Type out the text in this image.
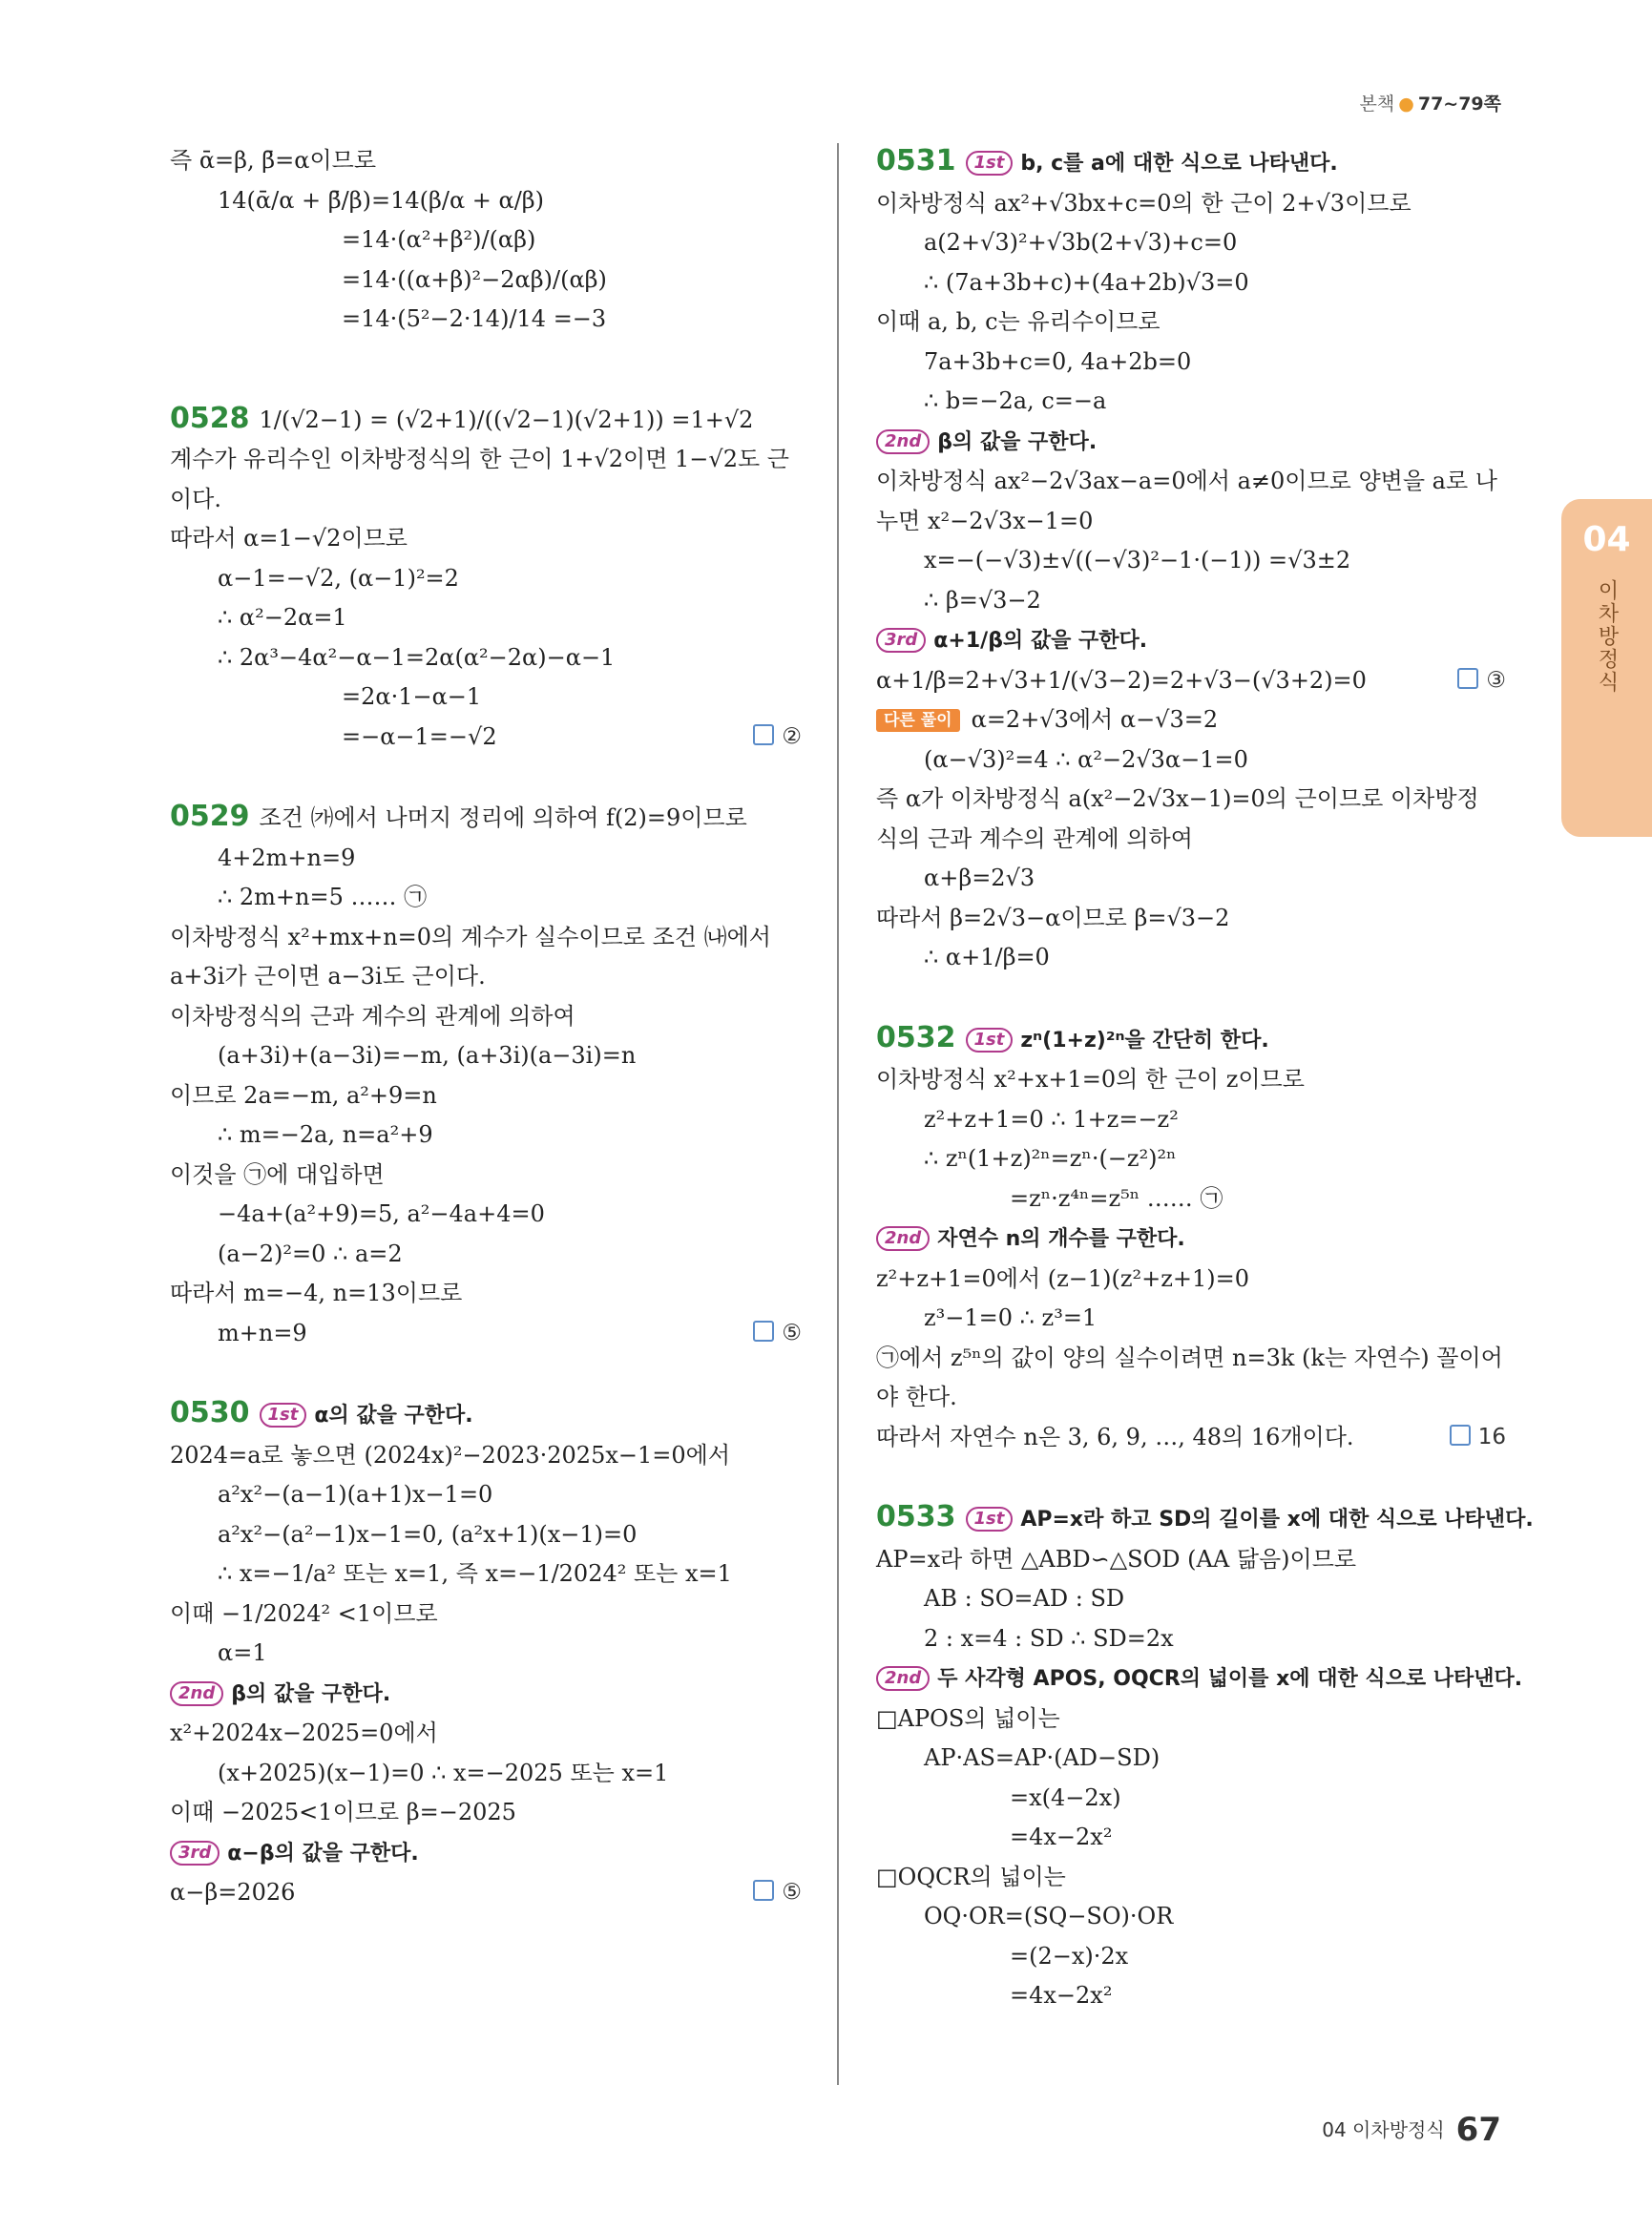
본책 ● 77~79쪽
04
이차방정식
즉 ᾱ=β, β̄=α이므로
14(ᾱ/α + β̄/β)=14(β/α + α/β)
=14·(α²+β²)/(αβ)
=14·((α+β)²−2αβ)/(αβ)
=14·(5²−2·14)/14 =−3
0528 1/(√2−1) = (√2+1)/((√2−1)(√2+1)) =1+√2
계수가 유리수인 이차방정식의 한 근이 1+√2이면 1−√2도 근
이다.
따라서 α=1−√2이므로
α−1=−√2, (α−1)²=2
∴ α²−2α=1
∴ 2α³−4α²−α−1=2α(α²−2α)−α−1
=2α·1−α−1
=−α−1=−√2	②
0529 조건 ㈎에서 나머지 정리에 의하여 f(2)=9이므로
4+2m+n=9
∴ 2m+n=5 …… ㉠
이차방정식 x²+mx+n=0의 계수가 실수이므로 조건 ㈏에서
a+3i가 근이면 a−3i도 근이다.
이차방정식의 근과 계수의 관계에 의하여
(a+3i)+(a−3i)=−m, (a+3i)(a−3i)=n
이므로 2a=−m, a²+9=n
∴ m=−2a, n=a²+9
이것을 ㉠에 대입하면
−4a+(a²+9)=5, a²−4a+4=0
(a−2)²=0 ∴ a=2
따라서 m=−4, n=13이므로
m+n=9	⑤
0530 1st α의 값을 구한다.
2024=a로 놓으면 (2024x)²−2023·2025x−1=0에서
a²x²−(a−1)(a+1)x−1=0
a²x²−(a²−1)x−1=0, (a²x+1)(x−1)=0
∴ x=−1/a² 또는 x=1, 즉 x=−1/2024² 또는 x=1
이때 −1/2024² <1이므로
α=1
2nd β의 값을 구한다.
x²+2024x−2025=0에서
(x+2025)(x−1)=0 ∴ x=−2025 또는 x=1
이때 −2025<1이므로 β=−2025
3rd α−β의 값을 구한다.
α−β=2026	⑤
0531 1st b, c를 a에 대한 식으로 나타낸다.
이차방정식 ax²+√3bx+c=0의 한 근이 2+√3이므로
a(2+√3)²+√3b(2+√3)+c=0
∴ (7a+3b+c)+(4a+2b)√3=0
이때 a, b, c는 유리수이므로
7a+3b+c=0, 4a+2b=0
∴ b=−2a, c=−a
2nd β의 값을 구한다.
이차방정식 ax²−2√3ax−a=0에서 a≠0이므로 양변을 a로 나
누면 x²−2√3x−1=0
x=−(−√3)±√((−√3)²−1·(−1)) =√3±2
∴ β=√3−2
3rd α+1/β의 값을 구한다.
α+1/β=2+√3+1/(√3−2)=2+√3−(√3+2)=0	③
다른 풀이 α=2+√3에서 α−√3=2
(α−√3)²=4 ∴ α²−2√3α−1=0
즉 α가 이차방정식 a(x²−2√3x−1)=0의 근이므로 이차방정
식의 근과 계수의 관계에 의하여
α+β=2√3
따라서 β=2√3−α이므로 β=√3−2
∴ α+1/β=0
0532 1st zⁿ(1+z)²ⁿ을 간단히 한다.
이차방정식 x²+x+1=0의 한 근이 z이므로
z²+z+1=0 ∴ 1+z=−z²
∴ zⁿ(1+z)²ⁿ=zⁿ·(−z²)²ⁿ
=zⁿ·z⁴ⁿ=z⁵ⁿ …… ㉠
2nd 자연수 n의 개수를 구한다.
z²+z+1=0에서 (z−1)(z²+z+1)=0
z³−1=0 ∴ z³=1
㉠에서 z⁵ⁿ의 값이 양의 실수이려면 n=3k (k는 자연수) 꼴이어
야 한다.
따라서 자연수 n은 3, 6, 9, …, 48의 16개이다.	16
0533 1st AP=x라 하고 SD의 길이를 x에 대한 식으로 나타낸다.
AP=x라 하면 △ABD∽△SOD (AA 닮음)이므로
AB : SO=AD : SD
2 : x=4 : SD ∴ SD=2x
2nd 두 사각형 APOS, OQCR의 넓이를 x에 대한 식으로 나타낸다.
□APOS의 넓이는
AP·AS=AP·(AD−SD)
=x(4−2x)
=4x−2x²
□OQCR의 넓이는
OQ·OR=(SQ−SO)·OR
=(2−x)·2x
=4x−2x²
04 이차방정식 67
